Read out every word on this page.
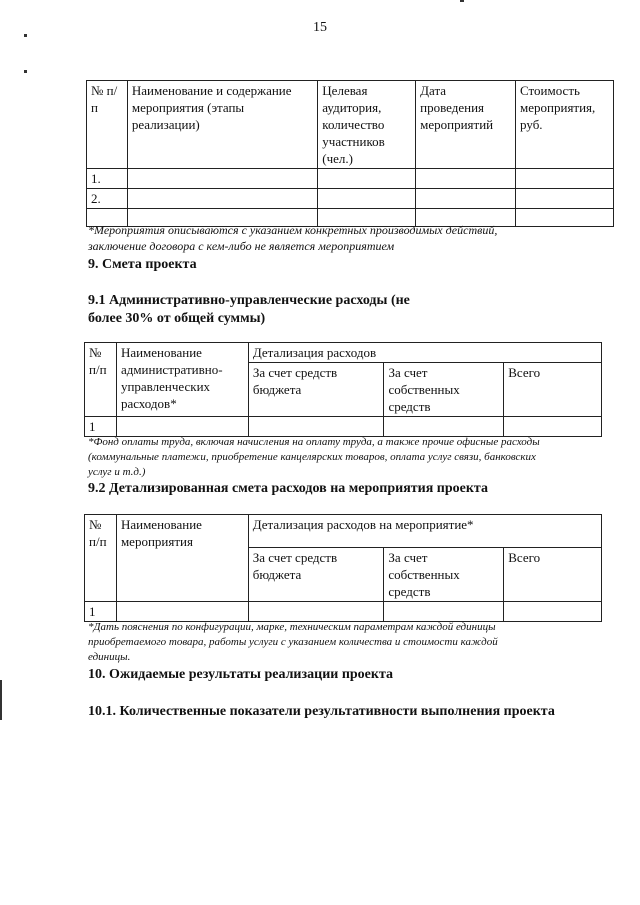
15
№ п/п	Наименование и содержание мероприятия (этапы реализации)	Целевая аудитория, количество участников (чел.)	Дата проведения мероприятий	Стоимость мероприятия, руб.
1.				
2.				

*Мероприятия описываются с указанием конкретных производимых действий, заключение договора с кем-либо не является мероприятием
9. Смета проекта
9.1 Административно-управленческие расходы (не более 30% от общей суммы)
№ п/п	Наименование административно-управленческих расходов*	Детализация расходов		
		За счет средств бюджета	За счет собственных средств	Всего
1				
*Фонд оплаты труда, включая начисления на оплату труда, а также прочие офисные расходы (коммунальные платежи, приобретение канцелярских товаров, оплата услуг связи, банковских услуг и т.д.)
9.2 Детализированная смета расходов на мероприятия проекта
№ п/п	Наименование мероприятия	Детализация расходов на мероприятие*		
		За счет средств бюджета	За счет собственных средств	Всего
1				
*Дать пояснения по конфигурации, марке, техническим параметрам каждой единицы приобретаемого товара, работы услуги с указанием количества и стоимости каждой единицы.
10. Ожидаемые результаты реализации проекта
10.1. Количественные показатели результативности выполнения проекта
